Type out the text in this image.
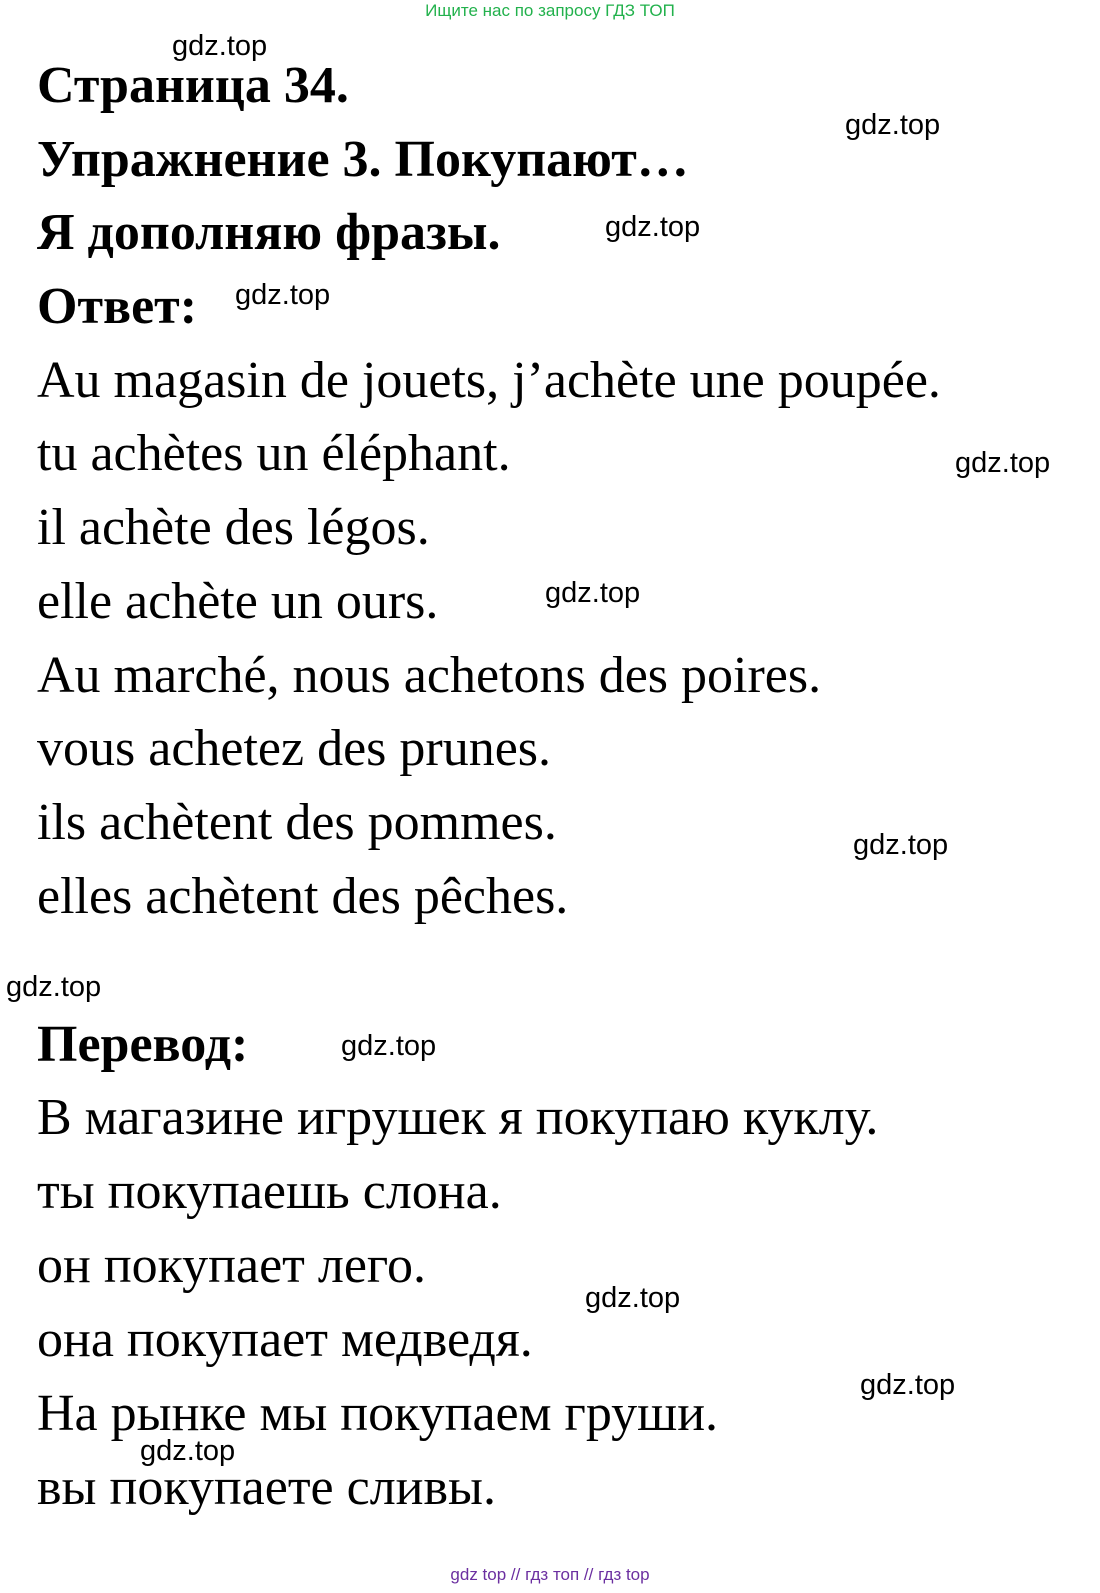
Ищите нас по запросу ГДЗ ТОП
Страница 34.
Упражнение 3. Покупают…
Я дополняю фразы.
Ответ:
Au magasin de jouets, j’achète une poupée.
tu achètes un éléphant.
il achète des légos.
elle achète un ours.
Au marché, nous achetons des poires.
vous achetez des prunes.
ils achètent des pommes.
elles achètent des pêches.
Перевод:
В магазине игрушек я покупаю куклу.
ты покупаешь слона.
он покупает лего.
она покупает медведя.
На рынке мы покупаем груши.
вы покупаете сливы.
gdz.top
gdz.top
gdz.top
gdz.top
gdz.top
gdz.top
gdz.top
gdz.top
gdz.top
gdz.top
gdz.top
gdz.top
gdz top // гдз топ // гдз top
